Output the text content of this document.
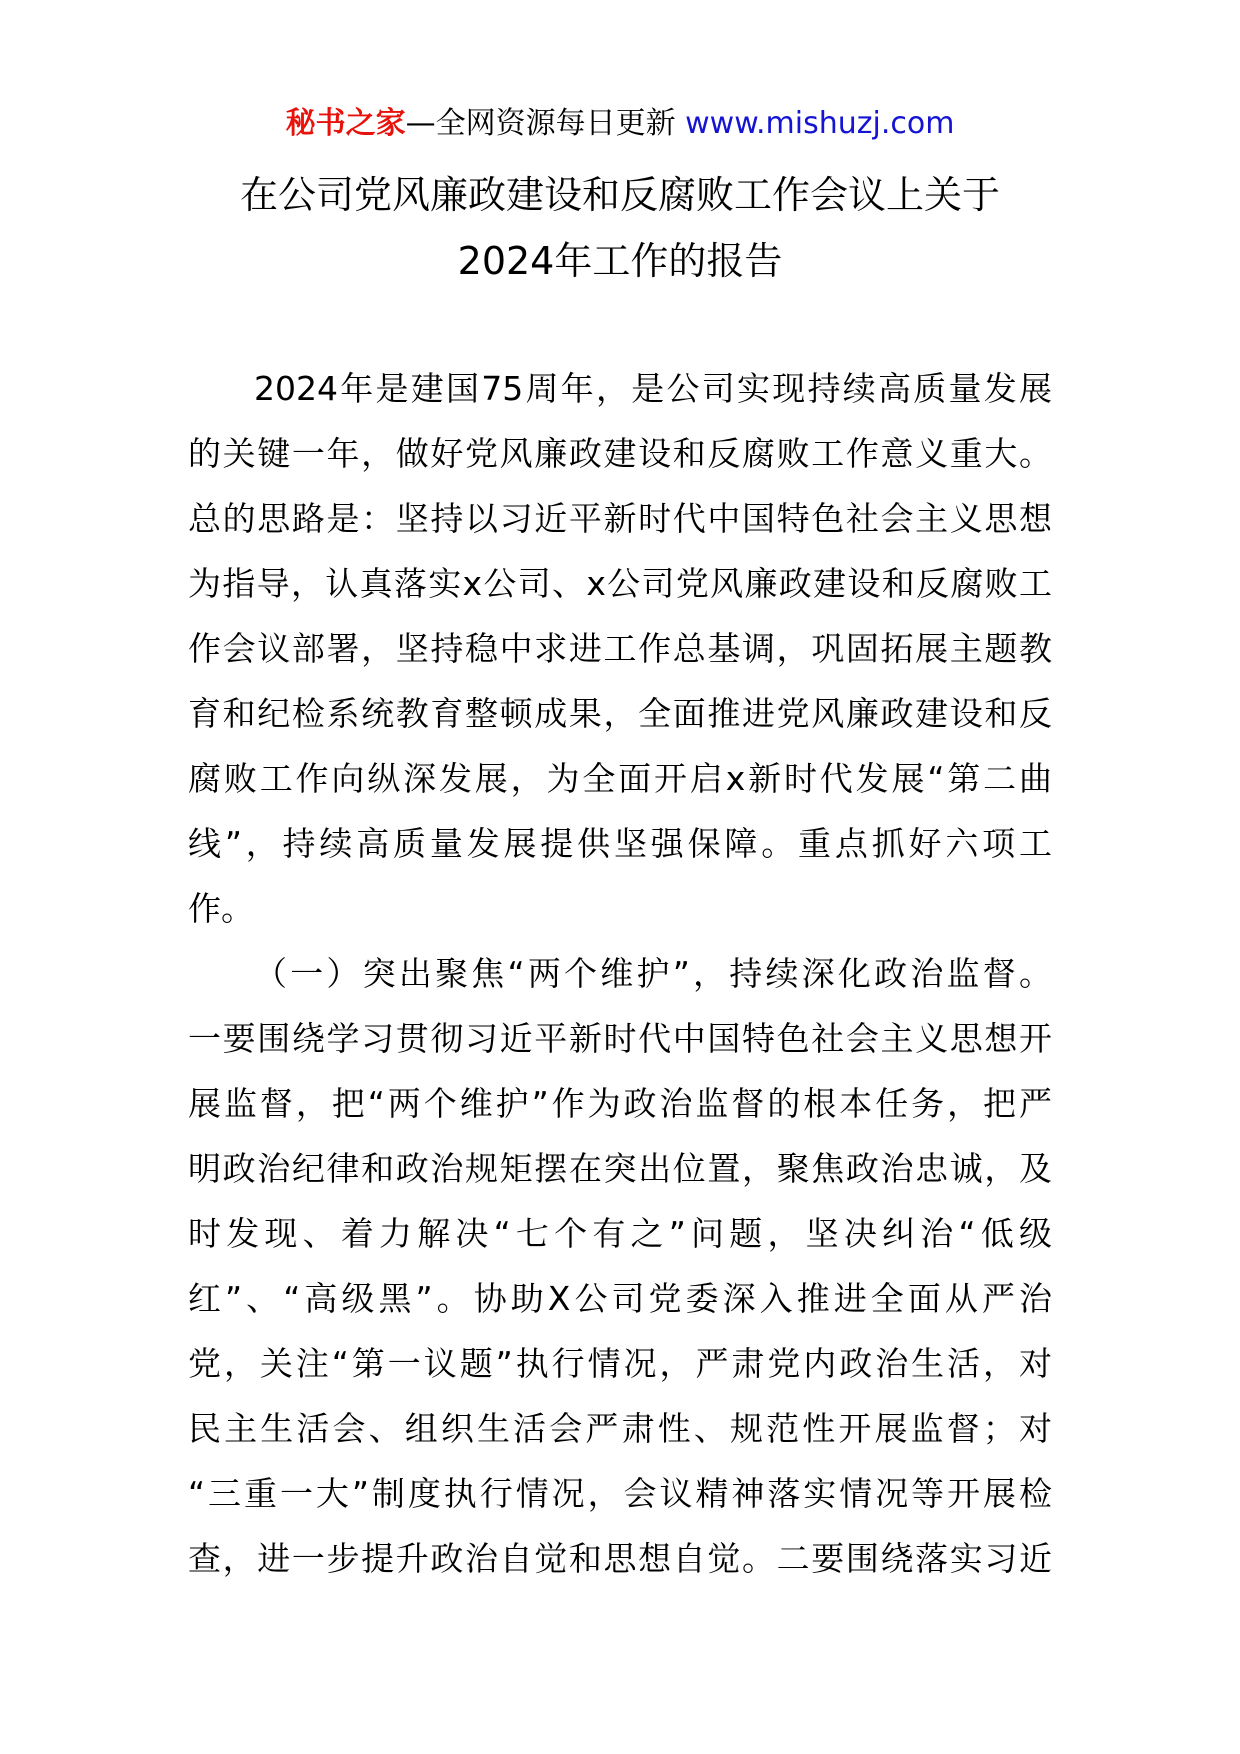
秘书之家—全网资源每日更新 www.mishuzj.com
在公司党风廉政建设和反腐败工作会议上关于
2024年工作的报告
2024年是建国75周年，是公司实现持续高质量发展
的关键一年，做好党风廉政建设和反腐败工作意义重大。
总的思路是：坚持以习近平新时代中国特色社会主义思想
为指导，认真落实x公司、x公司党风廉政建设和反腐败工
作会议部署，坚持稳中求进工作总基调，巩固拓展主题教
育和纪检系统教育整顿成果，全面推进党风廉政建设和反
腐败工作向纵深发展，为全面开启x新时代发展“第二曲
线”，持续高质量发展提供坚强保障。重点抓好六项工
作。
（一）突出聚焦“两个维护”，持续深化政治监督。
一要围绕学习贯彻习近平新时代中国特色社会主义思想开
展监督，把“两个维护”作为政治监督的根本任务，把严
明政治纪律和政治规矩摆在突出位置，聚焦政治忠诚，及
时发现、着力解决“七个有之”问题，坚决纠治“低级
红”、“高级黑”。协助X公司党委深入推进全面从严治
党，关注“第一议题”执行情况，严肃党内政治生活，对
民主生活会、组织生活会严肃性、规范性开展监督；对
“三重一大”制度执行情况，会议精神落实情况等开展检
查，进一步提升政治自觉和思想自觉。二要围绕落实习近
